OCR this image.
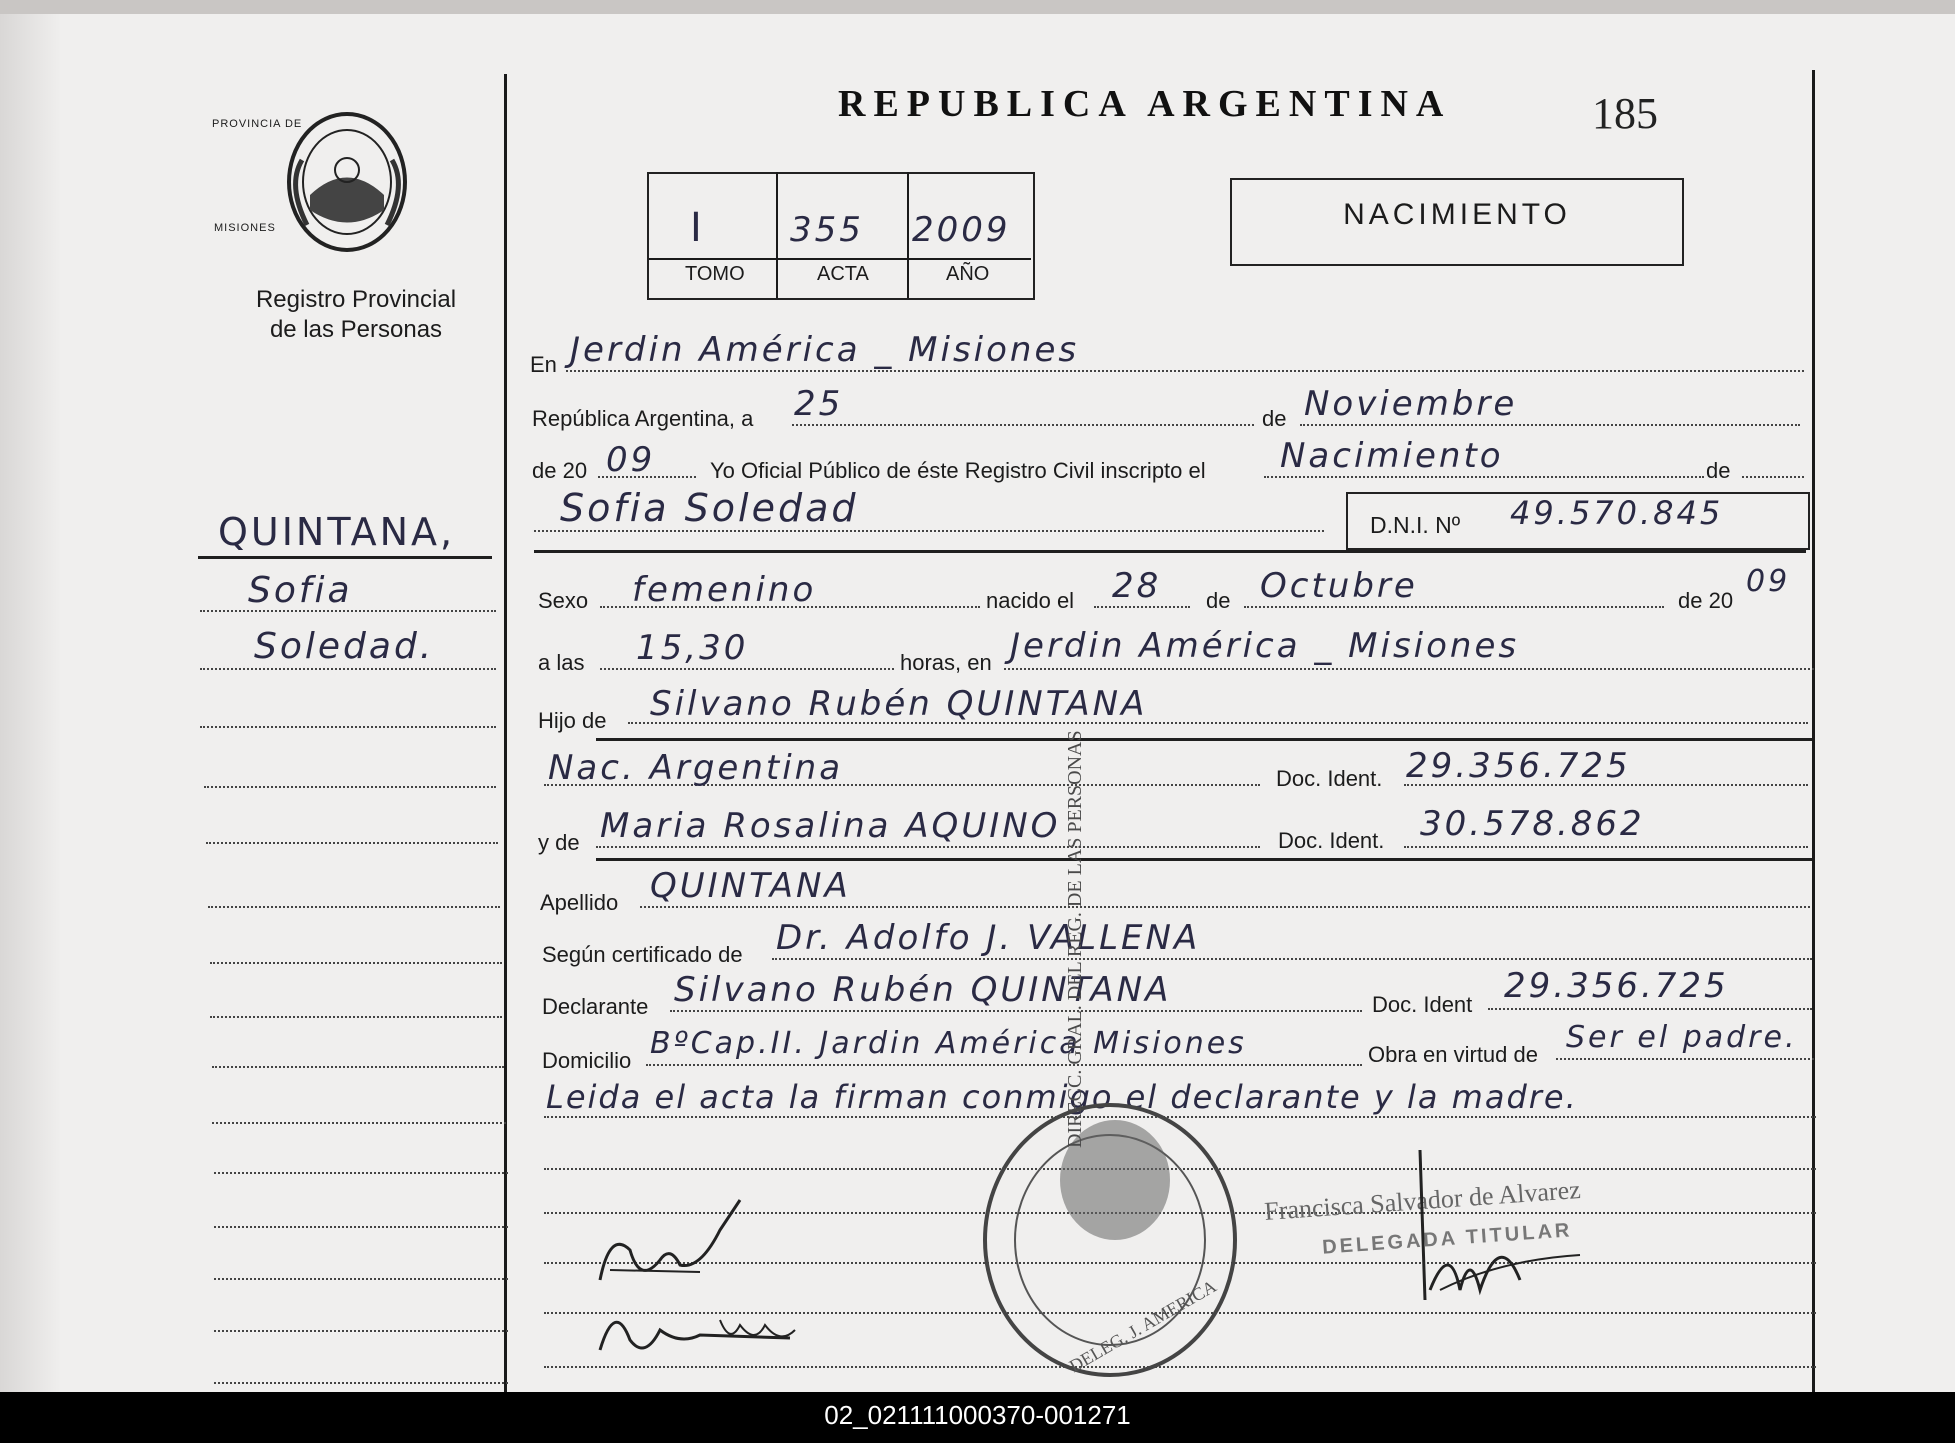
PROVINCIA DE
MISIONES
Registro Provincial
de las Personas
REPUBLICA ARGENTINA	185
I	355 2009
TOMO	ACTA	AÑO
NACIMIENTO
QUINTANA,
Sofia
Soledad.
En Jerdin América _ Misiones
República Argentina, a 25	de Noviembre
de 20 09 Yo Oficial Público de éste Registro Civil inscripto el Nacimiento	de
Sofia Soledad	D.N.I. Nº 49.570.845
Sexo femenino	nacido el 28 de Octubre	de 20
09
a las 15,30	horas, en Jerdin América _ Misiones
Hijo de Silvano Rubén QUINTANA
Nac. Argentina	Doc. Ident. 29.356.725
y de Maria Rosalina AQUINO	Doc. Ident. 30.578.862
Apellido QUINTANA
Según certificado de Dr. Adolfo J. VALLENA
Declarante Silvano Rubén QUINTANA	Doc. Ident 29.356.725
Domicilio BºCap.II. Jardin América Misiones	Obra en virtud de Ser el padre.
Leida el acta la firman conmigo el declarante y la madre.
DIRECC. GRAL. DEL REG. DE LAS PERSONAS
DELEG. J. AMERICA
Francisca Salvador de Alvarez
DELEGADA TITULAR
02_021111000370-001271
